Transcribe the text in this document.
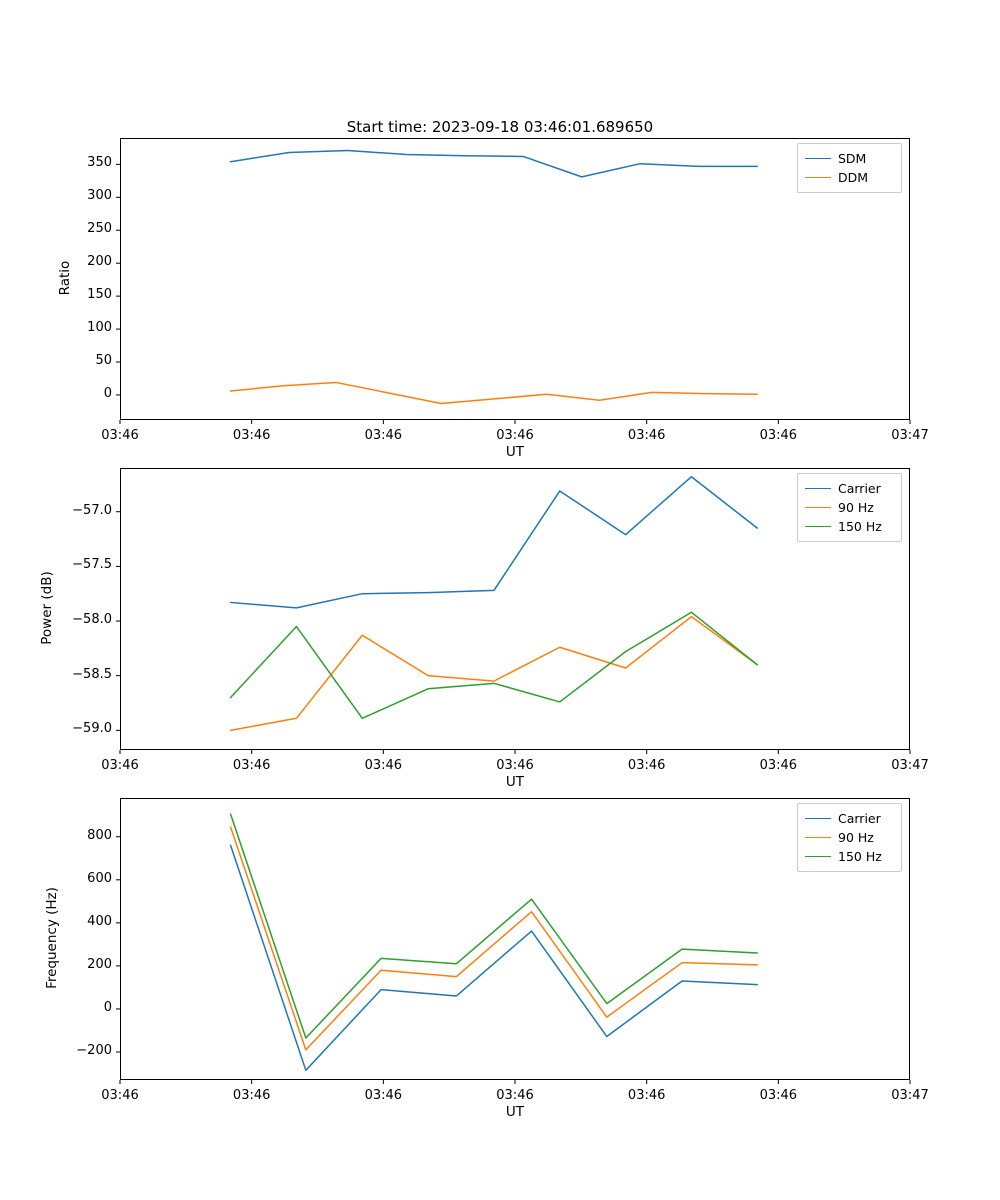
Start time: 2023-09-18 03:46:01.689650
Ratio
UT
SDM
DDM
03:46	03:46	03:46	03:46	03:46	03:46	03:47
0
50
100
150
200
250
300
350
Power (dB)
UT
Carrier
90 Hz
150 Hz
03:46	03:46	03:46	03:46	03:46	03:46	03:47
−59.0
−58.5
−58.0
−57.5
−57.0
Frequency (Hz)
UT
Carrier
90 Hz
150 Hz
03:46	03:46	03:46	03:46	03:46	03:46	03:47
−200
0
200
400
600
800
